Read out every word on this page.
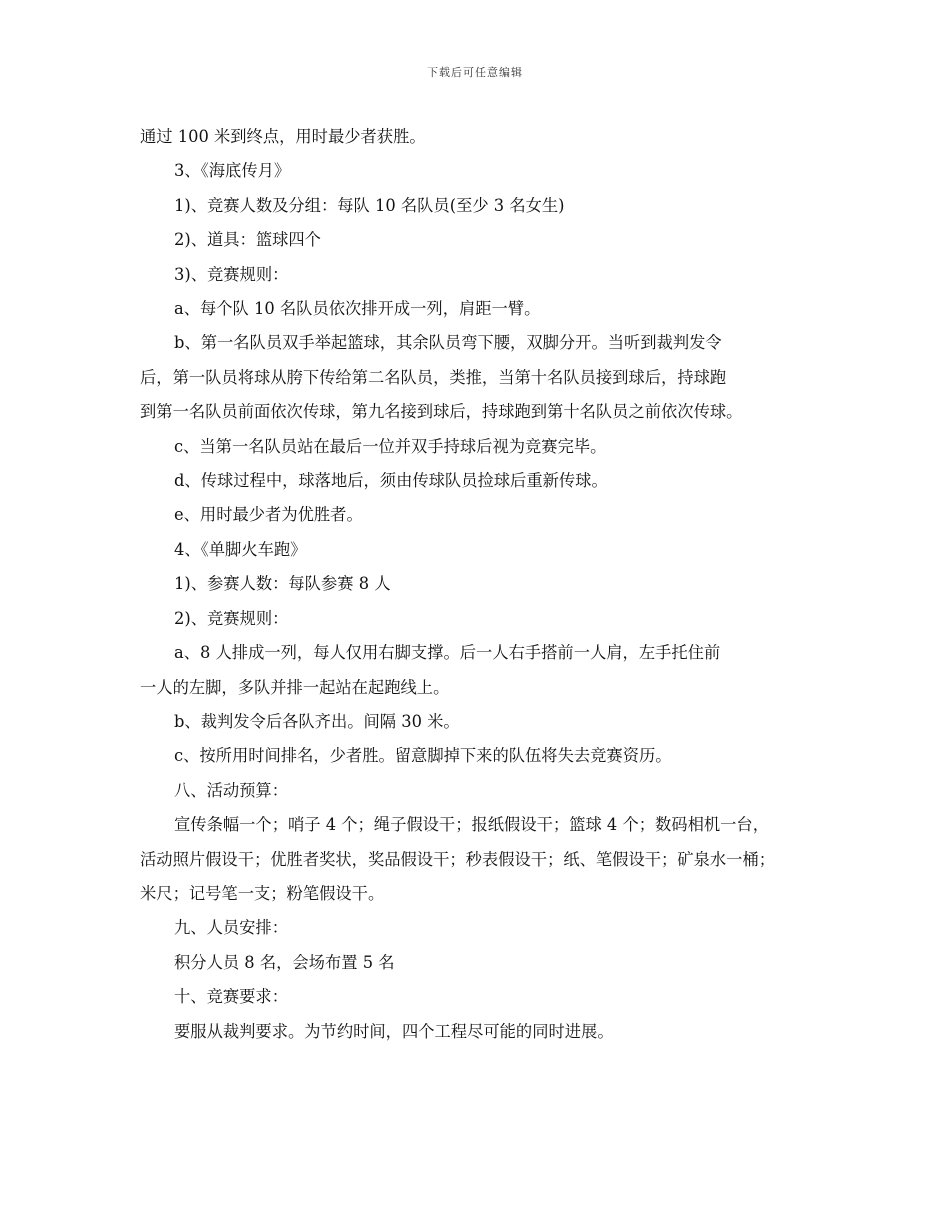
下载后可任意编辑

通过 100 米到终点，用时最少者获胜。

3、《海底传月》

1)、竞赛人数及分组：每队 10 名队员(至少 3 名女生)

2)、道具：篮球四个

3)、竞赛规则：

a、每个队 10 名队员依次排开成一列，肩距一臂。

b、第一名队员双手举起篮球，其余队员弯下腰，双脚分开。当听到裁判发令

后，第一队员将球从胯下传给第二名队员，类推，当第十名队员接到球后，持球跑

到第一名队员前面依次传球，第九名接到球后，持球跑到第十名队员之前依次传球。

c、当第一名队员站在最后一位并双手持球后视为竞赛完毕。

d、传球过程中，球落地后，须由传球队员捡球后重新传球。

e、用时最少者为优胜者。

4、《单脚火车跑》

1)、参赛人数：每队参赛 8 人

2)、竞赛规则：

a、8 人排成一列，每人仅用右脚支撑。后一人右手搭前一人肩，左手托住前

一人的左脚，多队并排一起站在起跑线上。

b、裁判发令后各队齐出。间隔 30 米。

c、按所用时间排名，少者胜。留意脚掉下来的队伍将失去竞赛资历。

八、活动预算：

宣传条幅一个；哨子 4 个；绳子假设干；报纸假设干；篮球 4 个；数码相机一台，

活动照片假设干；优胜者奖状，奖品假设干；秒表假设干；纸、笔假设干；矿泉水一桶；

米尺；记号笔一支；粉笔假设干。

九、人员安排：

积分人员 8 名，会场布置 5 名

十、竞赛要求：

要服从裁判要求。为节约时间，四个工程尽可能的同时进展。
